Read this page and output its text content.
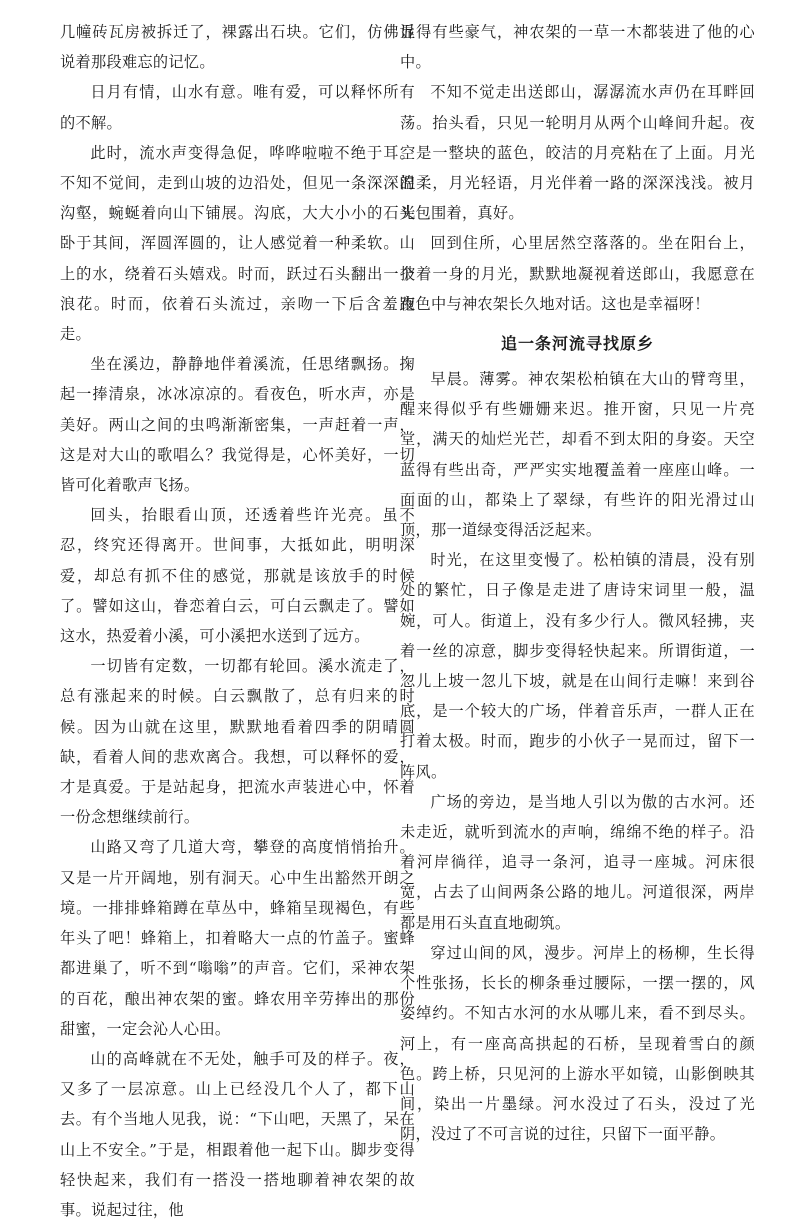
几幢砖瓦房被拆迁了，裸露出石块。它们，仿佛诉说着那段难忘的记忆。

日月有情，山水有意。唯有爱，可以释怀所有的不解。

此时，流水声变得急促，哗哗啦啦不绝于耳。不知不觉间，走到山坡的边沿处，但见一条深深的沟壑，蜿蜒着向山下铺展。沟底，大大小小的石头卧于其间，浑圆浑圆的，让人感觉着一种柔软。山上的水，绕着石头嬉戏。时而，跃过石头翻出一个浪花。时而，依着石头流过，亲吻一下后含羞跑走。

坐在溪边，静静地伴着溪流，任思绪飘扬。掬起一捧清泉，冰冰凉凉的。看夜色，听水声，亦是美好。两山之间的虫鸣渐渐密集，一声赶着一声，这是对大山的歌唱么？我觉得是，心怀美好，一切皆可化着歌声飞扬。

回头，抬眼看山顶，还透着些许光亮。虽不忍，终究还得离开。世间事，大抵如此，明明深爱，却总有抓不住的感觉，那就是该放手的时候了。譬如这山，眷恋着白云，可白云飘走了。譬如这水，热爱着小溪，可小溪把水送到了远方。

一切皆有定数，一切都有轮回。溪水流走了，总有涨起来的时候。白云飘散了，总有归来的时候。因为山就在这里，默默地看着四季的阴晴圆缺，看着人间的悲欢离合。我想，可以释怀的爱，才是真爱。于是站起身，把流水声装进心中，怀着一份念想继续前行。

山路又弯了几道大弯，攀登的高度悄悄抬升。又是一片开阔地，别有洞天。心中生出豁然开朗之境。一排排蜂箱蹲在草丛中，蜂箱呈现褐色，有些年头了吧！蜂箱上，扣着略大一点的竹盖子。蜜蜂都进巢了，听不到“嗡嗡”的声音。它们，采神农架的百花，酿出神农架的蜜。蜂农用辛劳捧出的那份甜蜜，一定会沁人心田。

山的高峰就在不无处，触手可及的样子。夜，又多了一层凉意。山上已经没几个人了，都下山去。有个当地人见我，说：“下山吧，天黑了，呆在山上不安全。”于是，相跟着他一起下山。脚步变得轻快起来，我们有一搭没一搭地聊着神农架的故事。说起过往，他

显得有些豪气，神农架的一草一木都装进了他的心中。

不知不觉走出送郎山，潺潺流水声仍在耳畔回荡。抬头看，只见一轮明月从两个山峰间升起。夜空是一整块的蓝色，皎洁的月亮粘在了上面。月光温柔，月光轻语，月光伴着一路的深深浅浅。被月光包围着，真好。

回到住所，心里居然空落落的。坐在阳台上，披着一身的月光，默默地凝视着送郎山，我愿意在夜色中与神农架长久地对话。这也是幸福呀！

追一条河流寻找原乡

早晨。薄雾。神农架松柏镇在大山的臂弯里，醒来得似乎有些姗姗来迟。推开窗，只见一片亮堂，满天的灿烂光芒，却看不到太阳的身姿。天空蓝得有些出奇，严严实实地覆盖着一座座山峰。一面面的山，都染上了翠绿，有些许的阳光滑过山顶，那一道绿变得活泛起来。

时光，在这里变慢了。松柏镇的清晨，没有别处的繁忙，日子像是走进了唐诗宋词里一般，温婉，可人。街道上，没有多少行人。微风轻拂，夹着一丝的凉意，脚步变得轻快起来。所谓街道，一忽儿上坡一忽儿下坡，就是在山间行走嘛！来到谷底，是一个较大的广场，伴着音乐声，一群人正在打着太极。时而，跑步的小伙子一晃而过，留下一阵风。

广场的旁边，是当地人引以为傲的古水河。还未走近，就听到流水的声响，绵绵不绝的样子。沿着河岸徜徉，追寻一条河，追寻一座城。河床很宽，占去了山间两条公路的地儿。河道很深，两岸都是用石头直直地砌筑。

穿过山间的风，漫步。河岸上的杨柳，生长得个性张扬，长长的柳条垂过腰际，一摆一摆的，风姿绰约。不知古水河的水从哪儿来，看不到尽头。河上，有一座高高拱起的石桥，呈现着雪白的颜色。跨上桥，只见河的上游水平如镜，山影倒映其间，染出一片墨绿。河水没过了石头，没过了光阴，没过了不可言说的过往，只留下一面平静。
